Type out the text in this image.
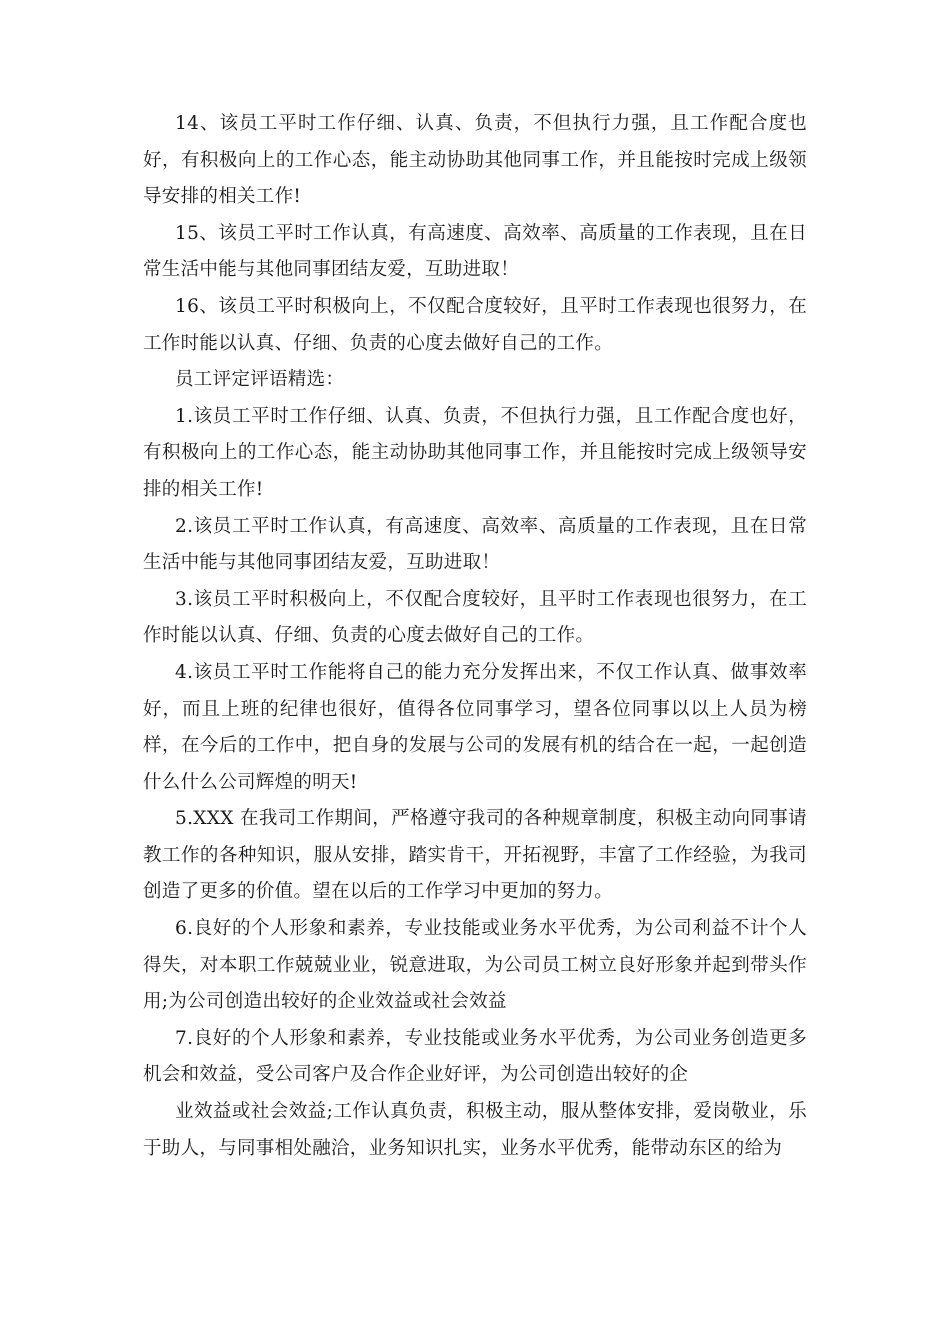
14、该员工平时工作仔细、认真、负责，不但执行力强，且工作配合度也好，有积极向上的工作心态，能主动协助其他同事工作，并且能按时完成上级领导安排的相关工作!

15、该员工平时工作认真，有高速度、高效率、高质量的工作表现，且在日常生活中能与其他同事团结友爱，互助进取！

16、该员工平时积极向上，不仅配合度较好，且平时工作表现也很努力，在工作时能以认真、仔细、负责的心度去做好自己的工作。

员工评定评语精选：

1.该员工平时工作仔细、认真、负责，不但执行力强，且工作配合度也好，有积极向上的工作心态，能主动协助其他同事工作，并且能按时完成上级领导安排的相关工作!

2.该员工平时工作认真，有高速度、高效率、高质量的工作表现，且在日常生活中能与其他同事团结友爱，互助进取！

3.该员工平时积极向上，不仅配合度较好，且平时工作表现也很努力，在工作时能以认真、仔细、负责的心度去做好自己的工作。

4.该员工平时工作能将自己的能力充分发挥出来，不仅工作认真、做事效率好，而且上班的纪律也很好，值得各位同事学习，望各位同事以以上人员为榜样，在今后的工作中，把自身的发展与公司的发展有机的结合在一起，一起创造什么什么公司辉煌的明天!

5.XXX 在我司工作期间，严格遵守我司的各种规章制度，积极主动向同事请教工作的各种知识，服从安排，踏实肯干，开拓视野，丰富了工作经验，为我司创造了更多的价值。望在以后的工作学习中更加的努力。

6.良好的个人形象和素养，专业技能或业务水平优秀，为公司利益不计个人得失，对本职工作兢兢业业，锐意进取，为公司员工树立良好形象并起到带头作用;为公司创造出较好的企业效益或社会效益

7.良好的个人形象和素养，专业技能或业务水平优秀，为公司业务创造更多机会和效益，受公司客户及合作企业好评，为公司创造出较好的企

业效益或社会效益;工作认真负责，积极主动，服从整体安排，爱岗敬业，乐于助人，与同事相处融洽，业务知识扎实，业务水平优秀，能带动东区的给为
